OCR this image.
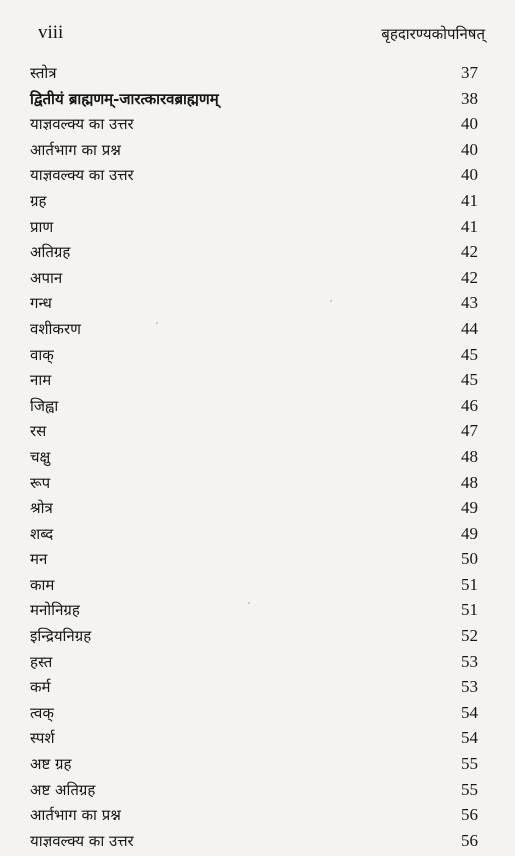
viii	बृहदारण्यकोपनिषत्
स्तोत्र	37
द्वितीयं ब्राह्मणम्-जारत्कारवब्राह्मणम्	38
याज्ञवल्क्य का उत्तर	40
आर्तभाग का प्रश्न	40
याज्ञवल्क्य का उत्तर	40
ग्रह	41
प्राण	41
अतिग्रह	42
अपान	42
गन्ध	43
वशीकरण	44
वाक्	45
नाम	45
जिह्वा	46
रस	47
चक्षु	48
रूप	48
श्रोत्र	49
शब्द	49
मन	50
काम	51
मनोनिग्रह	51
इन्द्रियनिग्रह	52
हस्त	53
कर्म	53
त्वक्	54
स्पर्श	54
अष्ट ग्रह	55
अष्ट अतिग्रह	55
आर्तभाग का प्रश्न	56
याज्ञवल्क्य का उत्तर	56
